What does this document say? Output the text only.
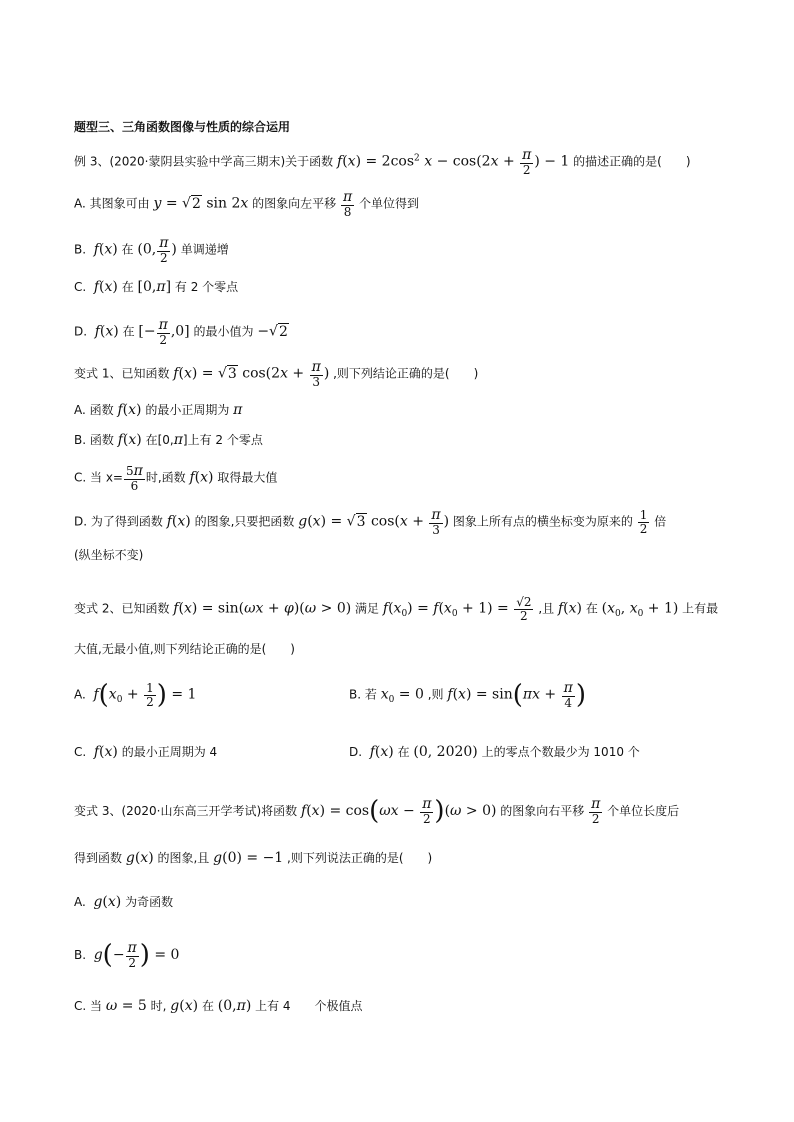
题型三、三角函数图像与性质的综合运用
例 3、(2020·蒙阴县实验中学高三期末)关于函数 $f(x) = 2\cos^2$ $x - \cos(2x + \frac{\pi}{2}$ ) − 1 的描述正确的是(　　)
A. 其图象可由 y = √2 sin 2x 的图象向左平移 $\frac{\pi}{8}$ 个单位得到
B. f(x) 在 (0, $\frac{\pi}{2}$ ) 单调递增
C. f(x) 在 [0,π] 有 2 个零点
D. f(x) 在 [− $\frac{\pi}{2} ,0$] 的最小值为 −√2
变式 1、已知函数 f(x) = √3 $\cos(2x + \frac{\pi}{3}$ ) ,则下列结论正确的是(　　)
A. 函数 f(x) 的最小正周期为 π
B. 函数 f(x) 在[0,π]上有 2 个零点
C. 当 $x= \frac{5\pi}{6}$ 时,函数 f(x) 取得最大值
D. 为了得到函数 f(x) 的图象,只要把函数 g(x) = √3 $\cos(x + \frac{\pi}{3}$ ) 图象上所有点的横坐标变为原来的 $\frac{1}{2}$ 倍
(纵坐标不变)
变式 2、已知函数 f(x) = sin(ωx + φ)(ω > 0) 满足 $f(x_0) = f(x_0 + 1) = \frac{√2}{2}$ ,且 f(x) 在 ($x_0$, $x_0 + 1$) 上有最
大值,无最小值,则下列结论正确的是(　　)
A. $f(x_0 + \frac{1}{2}$ ) = 1	B. 若 $x_0 = 0$ ,则 $f(x) = \sin(\pi x + \frac{\pi}{4}$ )
C. f(x) 的最小正周期为 4	D. f(x) 在 (0, 2020) 上的零点个数最少为 1010 个
变式 3、(2020·山东高三开学考试)将函数 $f(x) = \cos(\omega x - \frac{\pi}{2} )(\omega > 0)$ 的图象向右平移 $\frac{\pi}{2}$ 个单位长度后
得到函数 g(x) 的图象,且 g(0) = −1 ,则下列说法正确的是(　　)
A. g(x) 为奇函数
B. $g(- \frac{\pi}{2}$ ) = 0
C. 当 ω = 5 时, g(x) 在 (0,π) 上有 4　　个极值点
